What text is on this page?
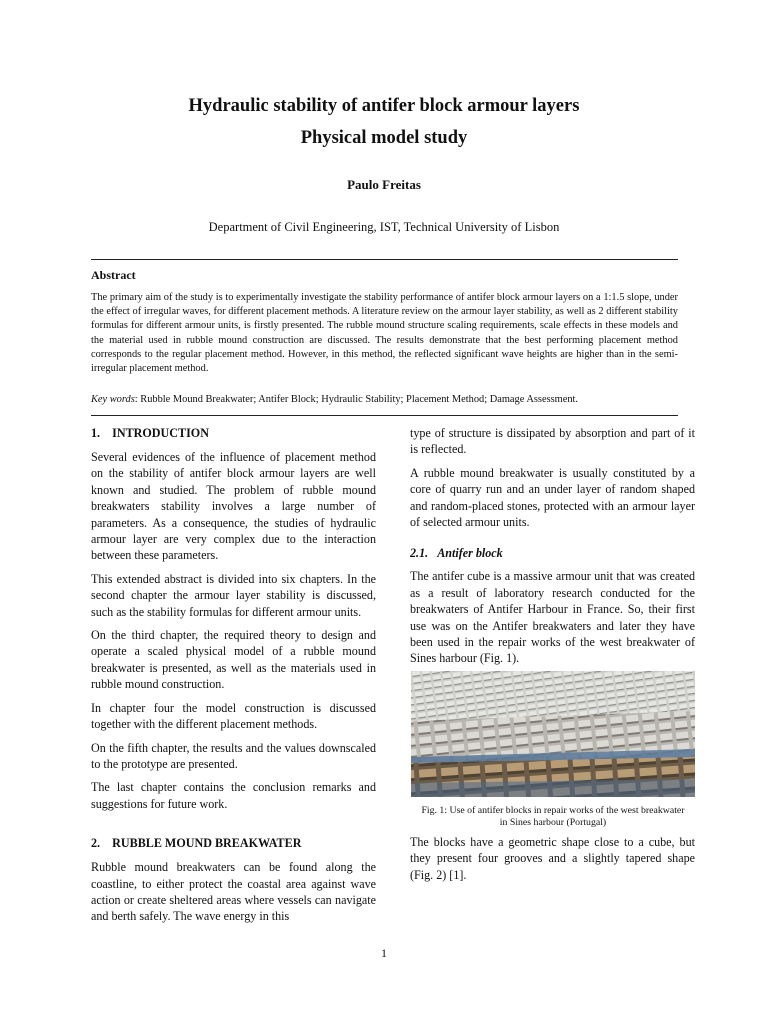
Hydraulic stability of antifer block armour layers
Physical model study
Paulo Freitas
Department of Civil Engineering, IST, Technical University of Lisbon
Abstract
The primary aim of the study is to experimentally investigate the stability performance of antifer block armour layers on a 1:1.5 slope, under the effect of irregular waves, for different placement methods. A literature review on the armour layer stability, as well as 2 different stability formulas for different armour units, is firstly presented. The rubble mound structure scaling requirements, scale effects in these models and the material used in rubble mound construction are discussed. The results demonstrate that the best performing placement method corresponds to the regular placement method. However, in this method, the reflected significant wave heights are higher than in the semi-irregular placement method.
Key words: Rubble Mound Breakwater; Antifer Block; Hydraulic Stability; Placement Method; Damage Assessment.
1.    INTRODUCTION

Several evidences of the influence of placement method on the stability of antifer block armour layers are well known and studied. The problem of rubble mound breakwaters stability involves a large number of parameters. As a consequence, the studies of hydraulic armour layer are very complex due to the interaction between these parameters.

This extended abstract is divided into six chapters. In the second chapter the armour layer stability is discussed, such as the stability formulas for different armour units.

On the third chapter, the required theory to design and operate a scaled physical model of a rubble mound breakwater is presented, as well as the materials used in rubble mound construction.

In chapter four the model construction is discussed together with the different placement methods.

On the fifth chapter, the results and the values downscaled to the prototype are presented.

The last chapter contains the conclusion remarks and suggestions for future work.

2.    RUBBLE MOUND BREAKWATER

Rubble mound breakwaters can be found along the coastline, to either protect the coastal area against wave action or create sheltered areas where vessels can navigate and berth safely. The wave energy in this

type of structure is dissipated by absorption and part of it is reflected.

A rubble mound breakwater is usually constituted by a core of quarry run and an under layer of random shaped and random-placed stones, protected with an armour layer of selected armour units.

2.1.   Antifer block

The antifer cube is a massive armour unit that was created as a result of laboratory research conducted for the breakwaters of Antifer Harbour in France. So, their first use was on the Antifer breakwaters and later they have been used in the repair works of the west breakwater of Sines harbour (Fig. 1).

Fig. 1: Use of antifer blocks in repair works of the west breakwater
in Sines harbour (Portugal)

The blocks have a geometric shape close to a cube, but they present four grooves and a slightly tapered shape (Fig. 2) [1].

1
